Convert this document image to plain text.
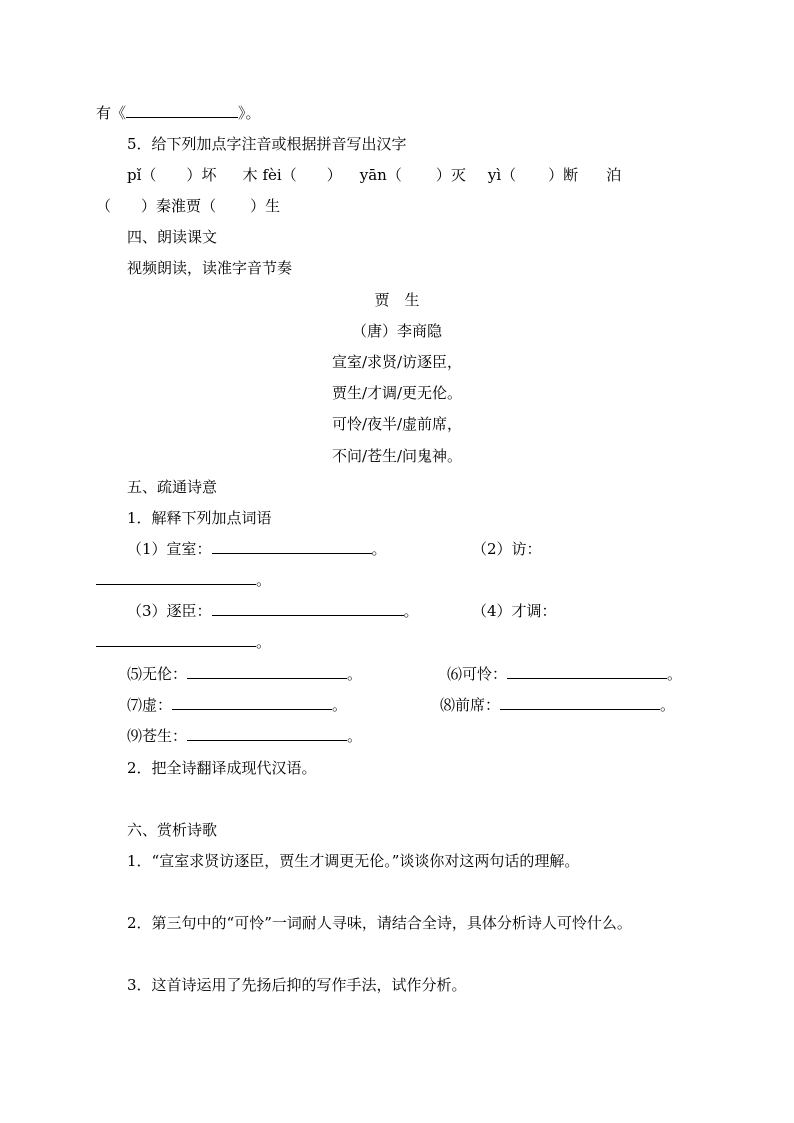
有《	》。
5．给下列加点字注音或根据拼音写出汉字
pǐ（ ）坏 木 fèi（ ） yān（ ）灭 yì（ ）断 泊
（ ）秦淮贾（ ）生
四、朗读课文
视频朗读，读准字音节奏
贾　生
（唐）李商隐
宣室/求贤/访逐臣，
贾生/才调/更无伦。
可怜/夜半/虚前席，
不问/苍生/问鬼神。
五、疏通诗意
1．解释下列加点词语
（1）宣室：	。	（2）访：
。
（3）逐臣：	。	（4）才调：
。
⑸无伦：	。	⑹可怜：	。
⑺虚：	。	⑻前席：	。
⑼苍生：	。
2．把全诗翻译成现代汉语。
六、赏析诗歌
1．“宣室求贤访逐臣，贾生才调更无伦。”谈谈你对这两句话的理解。
2．第三句中的“可怜”一词耐人寻味，请结合全诗，具体分析诗人可怜什么。
3．这首诗运用了先扬后抑的写作手法，试作分析。
